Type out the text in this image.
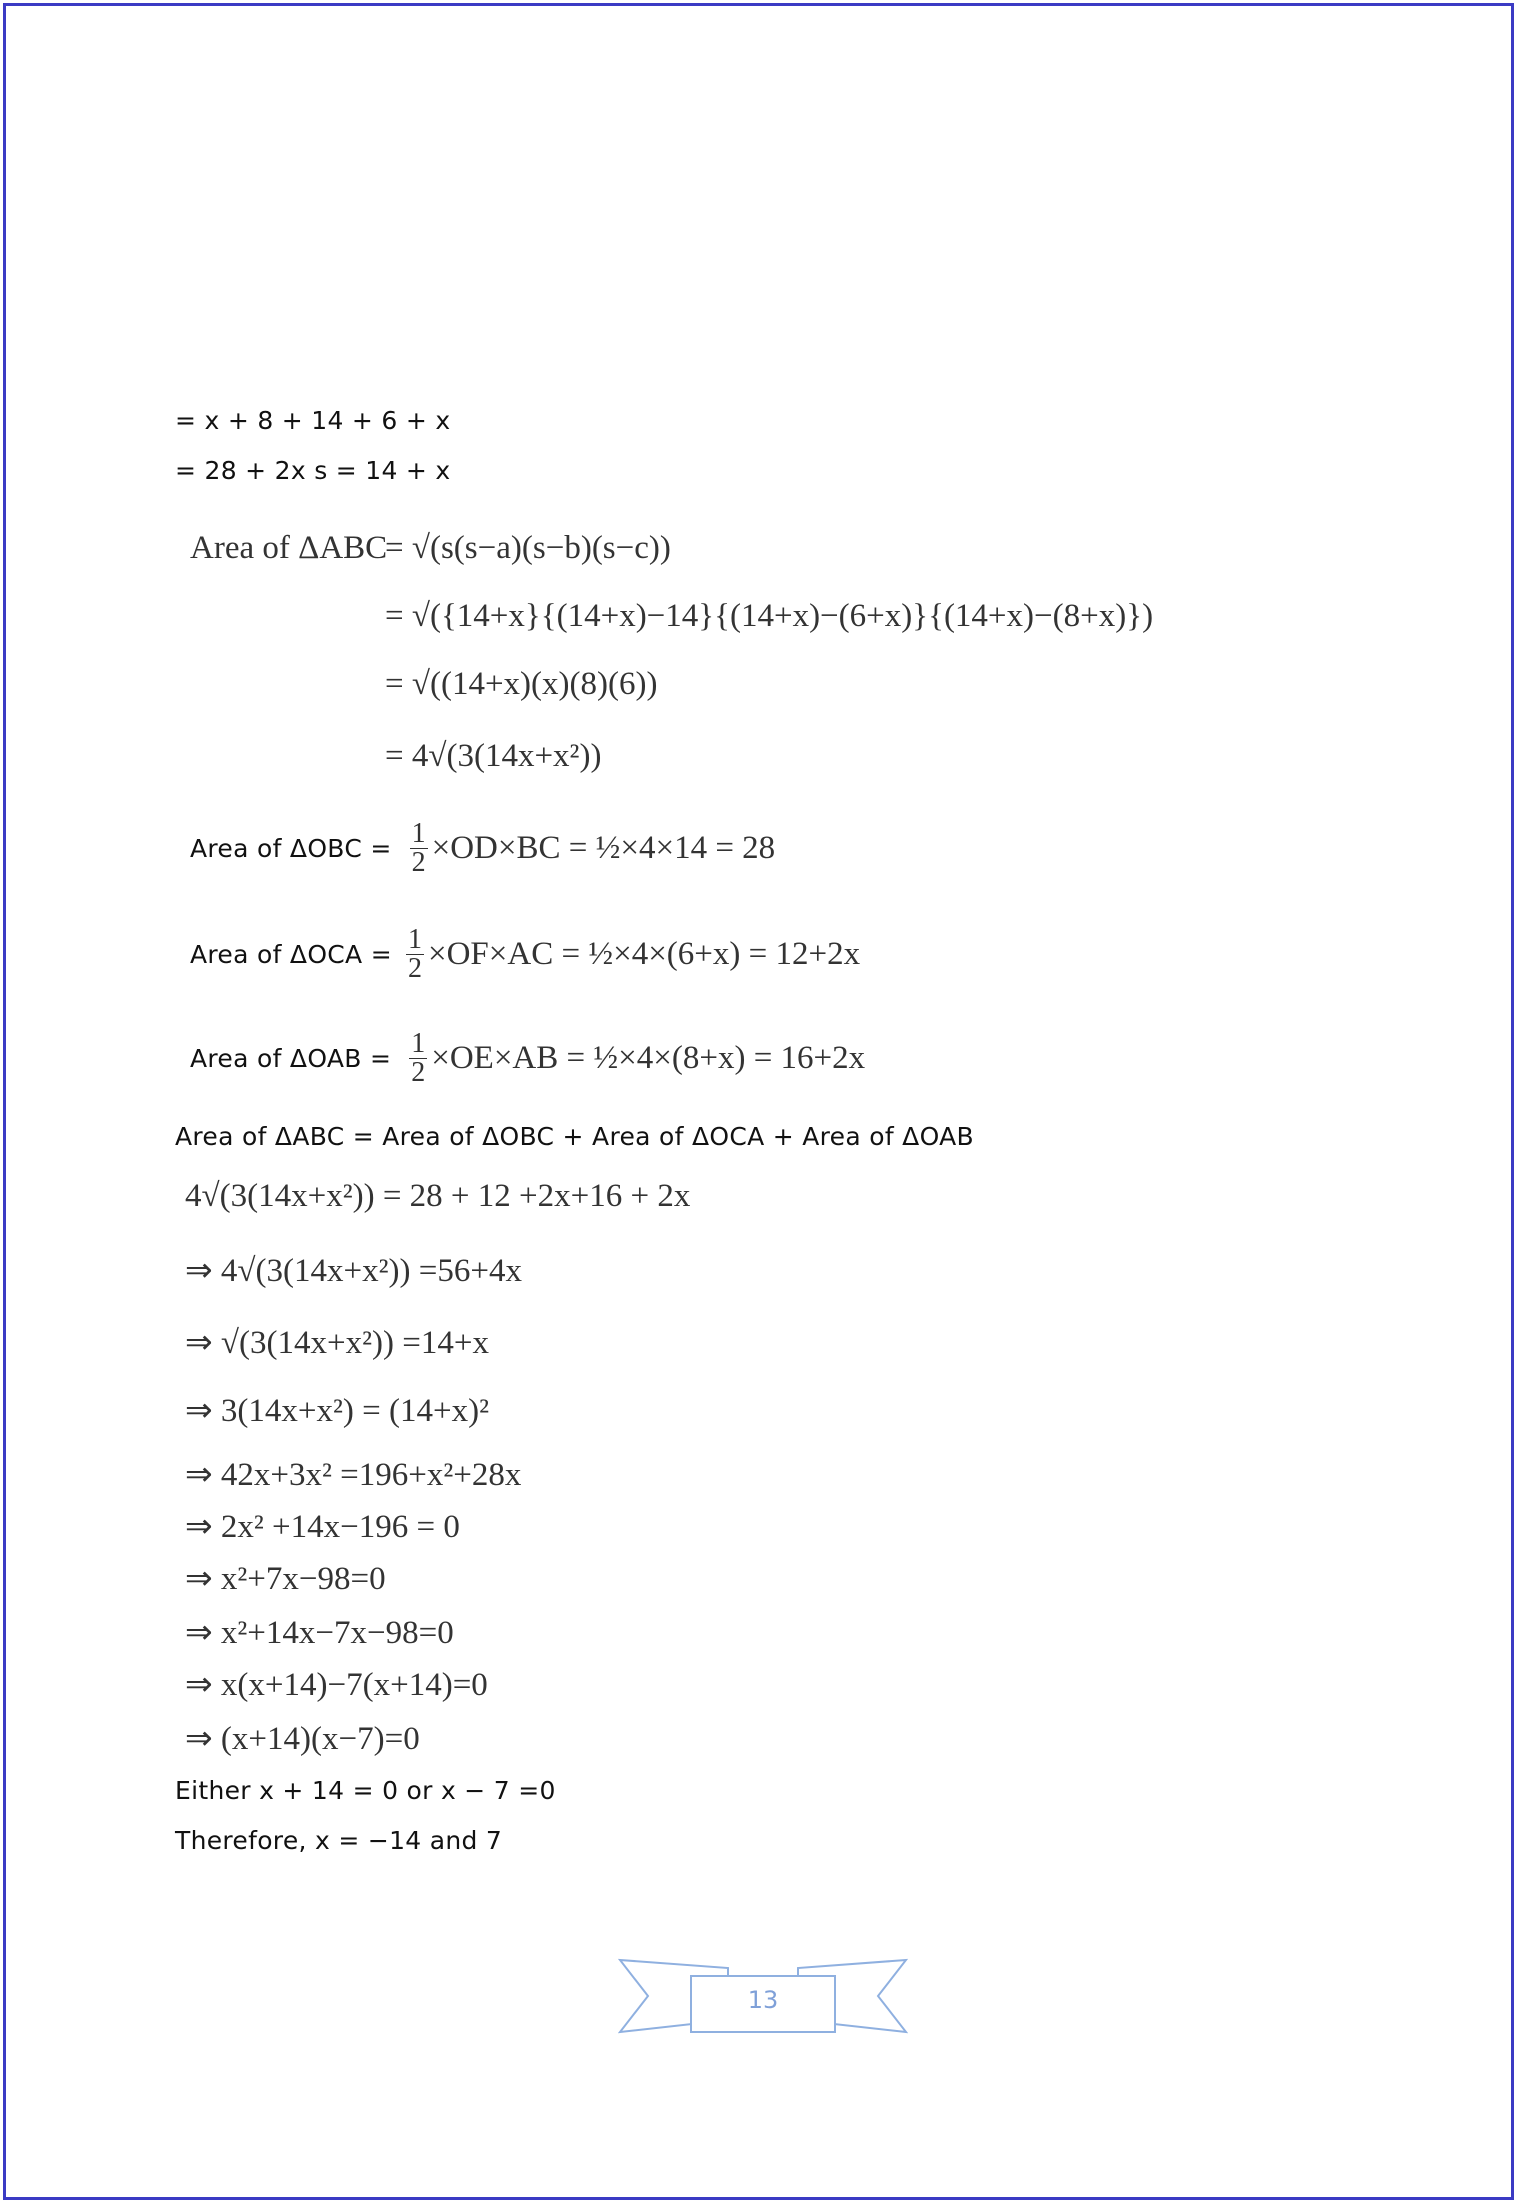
= x + 8 + 14 + 6 + x
= 28 + 2x s = 14 + x
Area of ΔABC
= √(s(s−a)(s−b)(s−c))
= √({14+x}{(14+x)−14}{(14+x)−(6+x)}{(14+x)−(8+x)})
= √((14+x)(x)(8)(6))
= 4√(3(14x+x²))
Area of $\Delta OBC = \frac{1}{2} \times OD\times BC$ = ½×4×14 = 28
Area of $\Delta OCA = \frac{1}{2} \times OF\times AC$ = ½×4×(6+x) = 12+2x
Area of $\Delta OAB = \frac{1}{2} \times OE\times AB$ = ½×4×(8+x) = 16+2x
Area of ΔABC = Area of ΔOBC + Area of ΔOCA + Area of ΔOAB
4√(3(14x+x²)) = 28 + 12 +2x+16 + 2x
⇒ 4√(3(14x+x²)) =56+4x
⇒ √(3(14x+x²)) =14+x
⇒ 3(14x+x²) = (14+x)²
⇒ 42x+3x² =196+x²+28x
⇒ 2x² +14x−196 = 0
⇒ x²+7x−98=0
⇒ x²+14x−7x−98=0
⇒ x(x+14)−7(x+14)=0
⇒ (x+14)(x−7)=0
Either x + 14 = 0 or x − 7 =0
Therefore, x = −14 and 7
13
